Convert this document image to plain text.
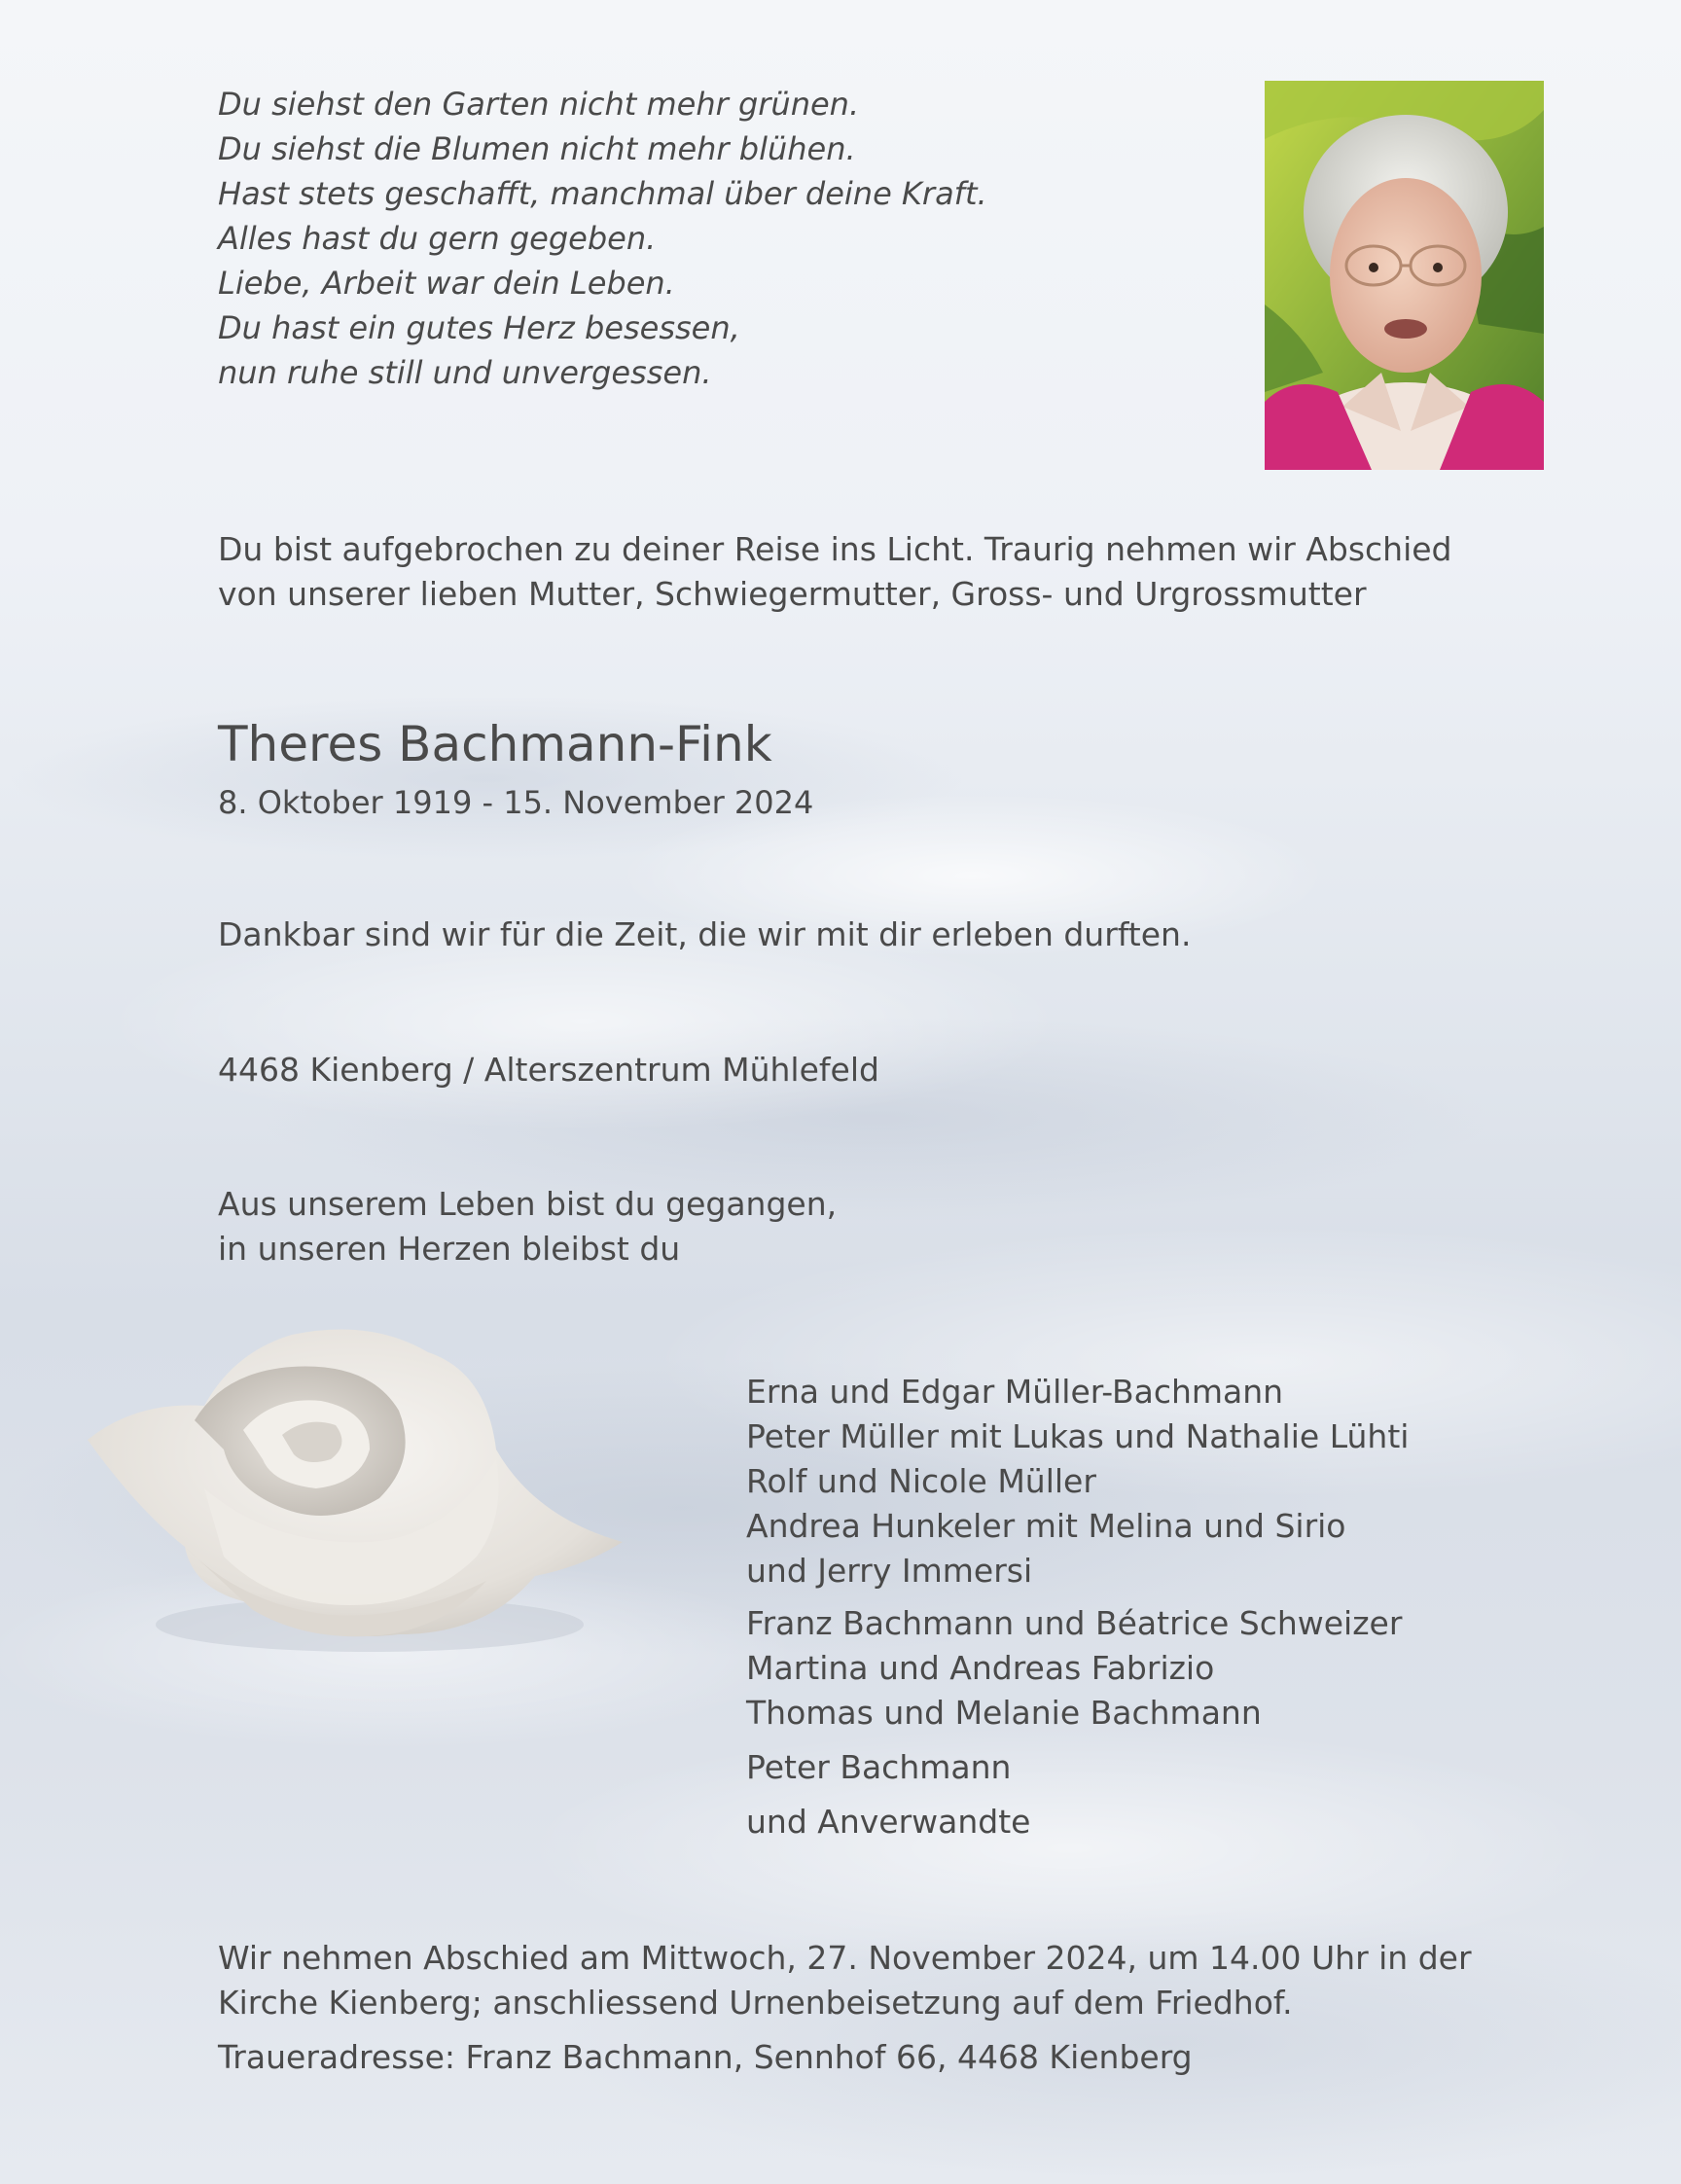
Du siehst den Garten nicht mehr grünen.
Du siehst die Blumen nicht mehr blühen.
Hast stets geschafft, manchmal über deine Kraft.
Alles hast du gern gegeben.
Liebe, Arbeit war dein Leben.
Du hast ein gutes Herz besessen,
nun ruhe still und unvergessen.
Du bist aufgebrochen zu deiner Reise ins Licht. Traurig nehmen wir Abschied
von unserer lieben Mutter, Schwiegermutter, Gross- und Urgrossmutter
Theres Bachmann-Fink
8. Oktober 1919 - 15. November 2024
Dankbar sind wir für die Zeit, die wir mit dir erleben durften.
4468 Kienberg / Alterszentrum Mühlefeld
Aus unserem Leben bist du gegangen,
in unseren Herzen bleibst du
Erna und Edgar Müller-Bachmann
Peter Müller mit Lukas und Nathalie Lühti
Rolf und Nicole Müller
Andrea Hunkeler mit Melina und Sirio
und Jerry Immersi
Franz Bachmann und Béatrice Schweizer
Martina und Andreas Fabrizio
Thomas und Melanie Bachmann
Peter Bachmann
und Anverwandte
Wir nehmen Abschied am Mittwoch, 27. November 2024, um 14.00 Uhr in der
Kirche Kienberg; anschliessend Urnenbeisetzung auf dem Friedhof.
Traueradresse: Franz Bachmann, Sennhof 66, 4468 Kienberg
